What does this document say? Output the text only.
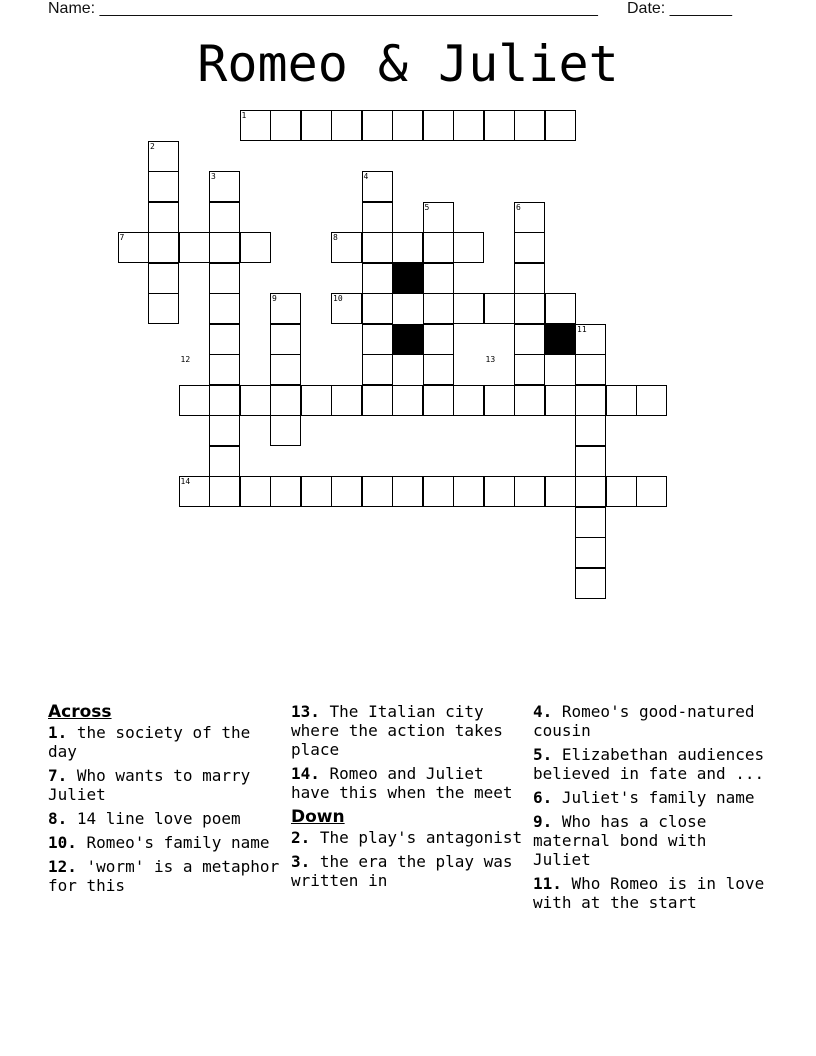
Name: ________________________________________________________ Date: _______
Romeo & Juliet
1
2
3	4
5	6
7	8
9	10
11
12	13
14
Across
1. the society of the day
7. Who wants to marry Juliet
8. 14 line love poem
10. Romeo's family name
12. 'worm' is a metaphor for this
13. The Italian city where the action takes place
14. Romeo and Juliet have this when the meet
Down
2. The play's antagonist
3. the era the play was written in
4. Romeo's good-natured cousin
5. Elizabethan audiences believed in fate and ...
6. Juliet's family name
9. Who has a close maternal bond with Juliet
11. Who Romeo is in love with at the start
